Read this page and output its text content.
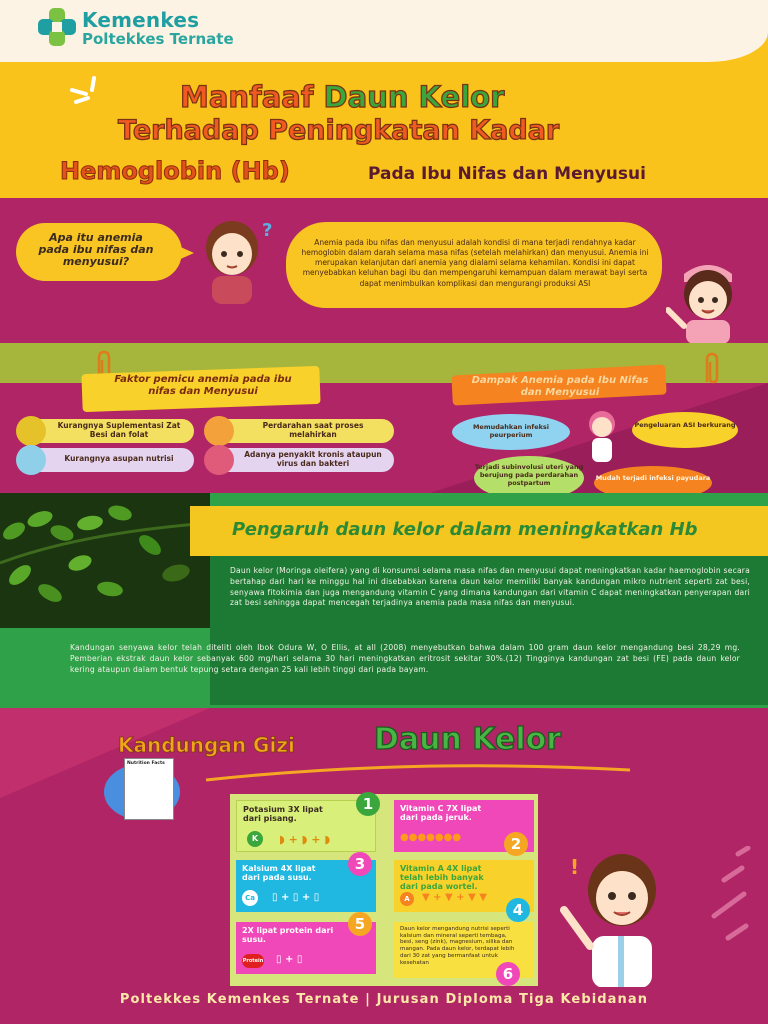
Kemenkes
Poltekkes Ternate
Manfaaf Daun Kelor
Terhadap Peningkatan Kadar
Hemoglobin (Hb)	Pada Ibu Nifas dan Menyusui
Apa itu anemia pada ibu nifas dan menyusui?
?
Anemia pada ibu nifas dan menyusui adalah kondisi di mana terjadi rendahnya kadar hemoglobin dalam darah selama masa nifas (setelah melahirkan) dan menyusui. Anemia ini merupakan kelanjutan dari anemia yang dialami selama kehamilan. Kondisi ini dapat menyebabkan keluhan bagi ibu dan mempengaruhi kemampuan dalam merawat bayi serta dapat menimbulkan komplikasi dan mengurangi produksi ASI
Faktor pemicu anemia pada ibu nifas dan Menyusui
Dampak Anemia pada Ibu Nifas dan Menyusui
Kurangnya Suplementasi Zat Besi dan folat
Perdarahan saat proses melahirkan
Kurangnya asupan nutrisi	Adanya penyakit kronis ataupun virus dan bakteri
Memudahkan infeksi peurperium
Pengeluaran ASI berkurang
Terjadi subinvolusi uteri yang berujung pada perdarahan postpartum
Mudah terjadi infeksi payudara
Pengaruh daun kelor dalam meningkatkan Hb
Daun kelor (Moringa oleifera) yang di konsumsi selama masa nifas dan menyusui dapat meningkatkan kadar haemoglobin secara bertahap dari hari ke minggu hal ini disebabkan karena daun kelor memiliki banyak kandungan mikro nutrient seperti zat besi, senyawa fitokimia dan juga mengandung vitamin C yang dimana kandungan dari vitamin C dapat meningkatkan penyerapan dari zat besi sehingga dapat mencegah terjadinya anemia pada masa nifas dan menyusui.
Kandungan senyawa kelor telah diteliti oleh Ibok Odura W, O Ellis, at all (2008) menyebutkan bahwa dalam 100 gram daun kelor mengandung besi 28,29 mg. Pemberian ekstrak daun kelor sebanyak 600 mg/hari selama 30 hari meningkatkan eritrosit sekitar 30%.(12) Tingginya kandungan zat besi (FE) pada daun kelor kering ataupun dalam bentuk tepung setara dengan 25 kali lebih tinggi dari pada bayam.
Kandungan Gizi	Daun Kelor
Nutrition Facts
Potasium 3X lipat dari pisang.
K	◗ + ◗ + ◗
1	Vitamin C 7X lipat dari pada jeruk.
●●●●●●●	2
Kalsium 4X lipat dari pada susu.
Ca	▯ + ▯ + ▯
3	Vitamin A 4X lipat telah lebih banyak dari pada wortel.
A	▼ + ▼ + ▼ ▼
4
2X lipat protein dari susu.
Protein ▯ + ▯
5	Daun kelor mengandung nutrisi seperti kalsium dan mineral seperti tembaga, besi, seng (zink), magnesium, silika dan mangan. Pada daun kelor, terdapat lebih dari 30 zat yang bermanfaat untuk kesehatan
6
!
Poltekkes Kemenkes Ternate | Jurusan Diploma Tiga Kebidanan
